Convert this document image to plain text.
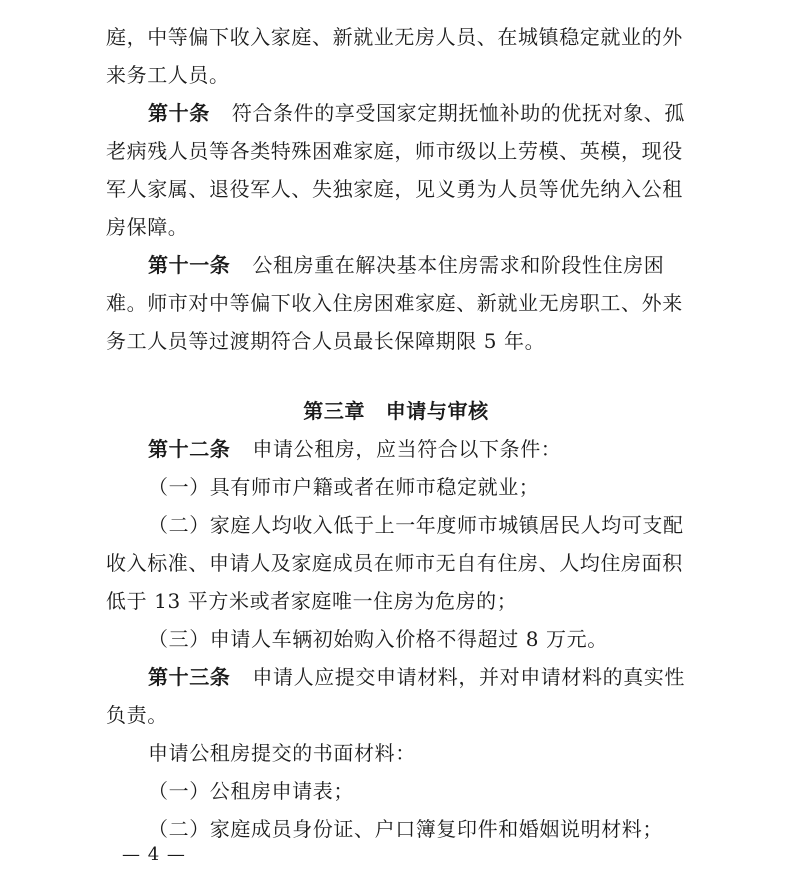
庭，中等偏下收入家庭、新就业无房人员、在城镇稳定就业的外
来务工人员。
第十条 符合条件的享受国家定期抚恤补助的优抚对象、孤
老病残人员等各类特殊困难家庭，师市级以上劳模、英模，现役
军人家属、退役军人、失独家庭，见义勇为人员等优先纳入公租
房保障。
第十一条 公租房重在解决基本住房需求和阶段性住房困
难。师市对中等偏下收入住房困难家庭、新就业无房职工、外来
务工人员等过渡期符合人员最长保障期限 5 年。
第三章　申请与审核
第十二条 申请公租房，应当符合以下条件：
（一）具有师市户籍或者在师市稳定就业；
（二）家庭人均收入低于上一年度师市城镇居民人均可支配
收入标准、申请人及家庭成员在师市无自有住房、人均住房面积
低于 13 平方米或者家庭唯一住房为危房的；
（三）申请人车辆初始购入价格不得超过 8 万元。
第十三条 申请人应提交申请材料，并对申请材料的真实性
负责。
申请公租房提交的书面材料：
（一）公租房申请表；
（二）家庭成员身份证、户口簿复印件和婚姻说明材料；
— 4 —
